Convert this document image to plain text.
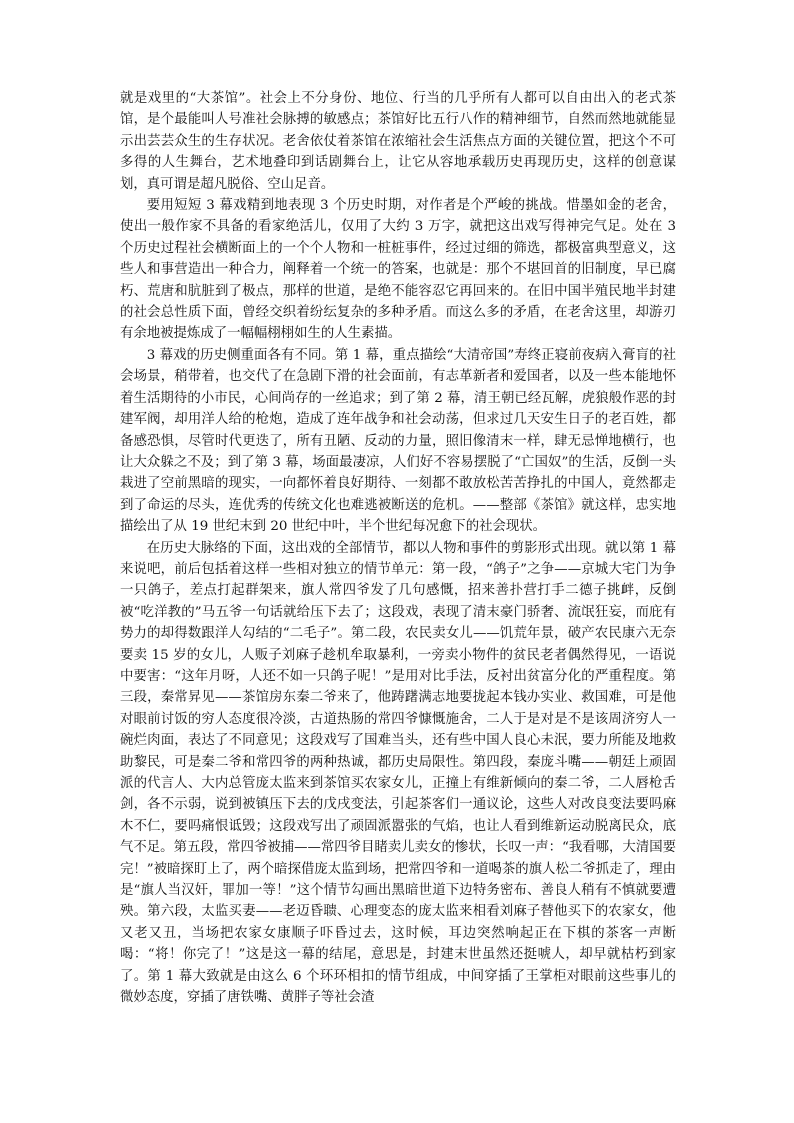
就是戏里的“大茶馆”。社会上不分身份、地位、行当的几乎所有人都可以自由出入的老式茶馆，是个最能叫人号准社会脉搏的敏感点；茶馆好比五行八作的精神细节，自然而然地就能显示出芸芸众生的生存状况。老舍依仗着茶馆在浓缩社会生活焦点方面的关键位置，把这个不可多得的人生舞台，艺术地叠印到话剧舞台上，让它从容地承载历史再现历史，这样的创意谋划，真可谓是超凡脱俗、空山足音。

要用短短 3 幕戏精到地表现 3 个历史时期，对作者是个严峻的挑战。惜墨如金的老舍，使出一般作家不具备的看家绝活儿，仅用了大约 3 万字，就把这出戏写得神完气足。处在 3 个历史过程社会横断面上的一个个人物和一桩桩事件，经过过细的筛选，都极富典型意义，这些人和事营造出一种合力，阐释着一个统一的答案，也就是：那个不堪回首的旧制度，早已腐朽、荒唐和肮脏到了极点，那样的世道，是绝不能容忍它再回来的。在旧中国半殖民地半封建的社会总性质下面，曾经交织着纷纭复杂的多种矛盾。而这么多的矛盾，在老舍这里，却游刃有余地被提炼成了一幅幅栩栩如生的人生素描。

3 幕戏的历史侧重面各有不同。第 1 幕，重点描绘“大清帝国”寿终正寝前夜病入膏肓的社会场景，稍带着，也交代了在急剧下滑的社会面前，有志革新者和爱国者，以及一些本能地怀着生活期待的小市民，心间尚存的一丝追求；到了第 2 幕，清王朝已经瓦解，虎狼般作恶的封建军阀，却用洋人给的枪炮，造成了连年战争和社会动荡，但求过几天安生日子的老百姓，都备感恐惧，尽管时代更迭了，所有丑陋、反动的力量，照旧像清末一样，肆无忌惮地横行，也让大众躲之不及；到了第 3 幕，场面最凄凉，人们好不容易摆脱了“亡国奴”的生活，反倒一头栽进了空前黑暗的现实，一向都怀着良好期待、一刻都不敢放松苦苦挣扎的中国人，竟然都走到了命运的尽头，连优秀的传统文化也难逃被断送的危机。——整部《茶馆》就这样，忠实地描绘出了从 19 世纪末到 20 世纪中叶，半个世纪每况愈下的社会现状。

在历史大脉络的下面，这出戏的全部情节，都以人物和事件的剪影形式出现。就以第 1 幕来说吧，前后包括着这样一些相对独立的情节单元：第一段，“鸽子”之争——京城大宅门为争一只鸽子，差点打起群架来，旗人常四爷发了几句感慨，招来善扑营打手二德子挑衅，反倒被“吃洋教的”马五爷一句话就给压下去了；这段戏，表现了清末豪门骄奢、流氓狂妄，而庇有势力的却得数跟洋人勾结的“二毛子”。第二段，农民卖女儿——饥荒年景，破产农民康六无奈要卖 15 岁的女儿，人贩子刘麻子趁机牟取暴利，一旁卖小物件的贫民老者偶然得见，一语说中要害：“这年月呀，人还不如一只鸽子呢！”是用对比手法，反衬出贫富分化的严重程度。第三段，秦常昇见——茶馆房东秦二爷来了，他踌躇满志地要拢起本钱办实业、救国难，可是他对眼前讨饭的穷人态度很冷淡，古道热肠的常四爷慷慨施舍，二人于是对是不是该周济穷人一碗烂肉面，表达了不同意见；这段戏写了国难当头，还有些中国人良心未泯，要力所能及地救助黎民，可是秦二爷和常四爷的两种热诚，都历史局限性。第四段，秦庞斗嘴——朝廷上顽固派的代言人、大内总管庞太监来到茶馆买农家女儿，正撞上有维新倾向的秦二爷，二人唇枪舌剑，各不示弱，说到被镇压下去的戊戌变法，引起茶客们一通议论，这些人对改良变法要吗麻木不仁，要吗痛恨诋毁；这段戏写出了顽固派嚣张的气焰，也让人看到维新运动脱离民众，底气不足。第五段，常四爷被捕——常四爷目睹卖儿卖女的惨状，长叹一声：“我看哪，大清国要完！”被暗探盯上了，两个暗探借庞太监到场，把常四爷和一道喝茶的旗人松二爷抓走了，理由是“旗人当汉奸，罪加一等！”这个情节勾画出黑暗世道下边特务密布、善良人稍有不慎就要遭殃。第六段，太监买妻——老迈昏聩、心理变态的庞太监来相看刘麻子替他买下的农家女，他又老又丑，当场把农家女康顺子吓昏过去，这时候，耳边突然响起正在下棋的茶客一声断喝：“将！你完了！”这是这一幕的结尾，意思是，封建末世虽然还挺唬人，却早就枯朽到家了。第 1 幕大致就是由这么 6 个环环相扣的情节组成，中间穿插了王掌柜对眼前这些事儿的微妙态度，穿插了唐铁嘴、黄胖子等社会渣
